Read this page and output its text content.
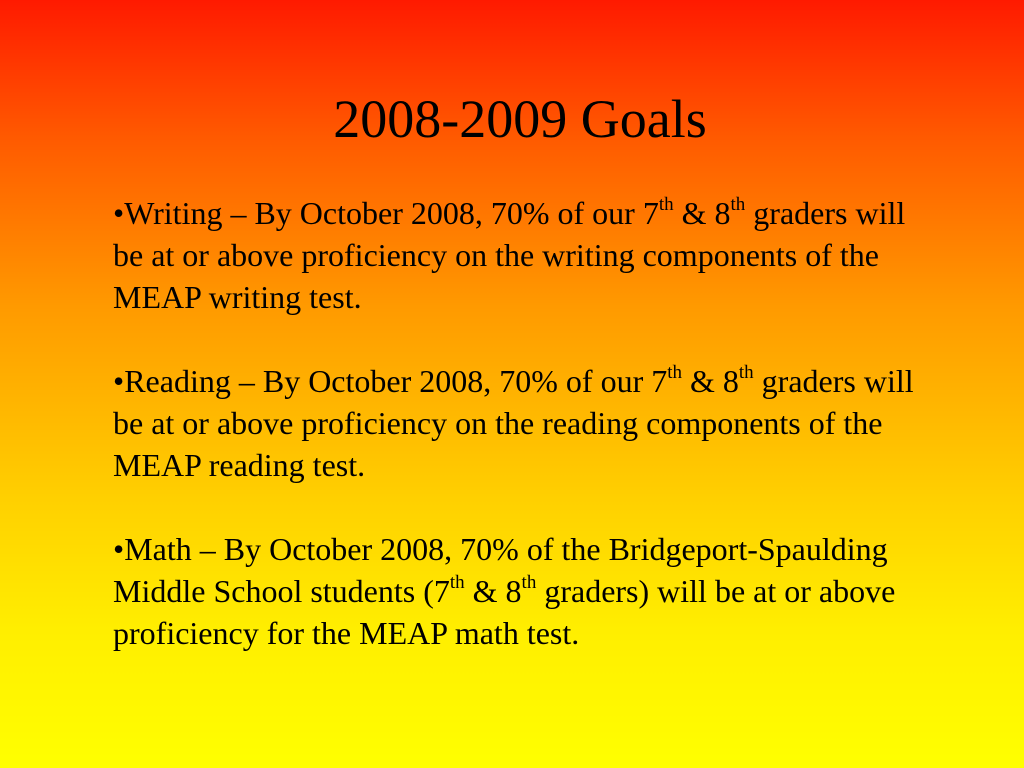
2008-2009 Goals
•Writing – By October 2008, 70% of our 7th & 8th graders will be at or above proficiency on the writing components of the MEAP writing test.
•Reading – By October 2008, 70% of our 7th & 8th graders will be at or above proficiency on the reading components of the MEAP reading test.
•Math – By October 2008, 70% of the Bridgeport-Spaulding Middle School students (7th & 8th graders) will be at or above proficiency for the MEAP math test.
